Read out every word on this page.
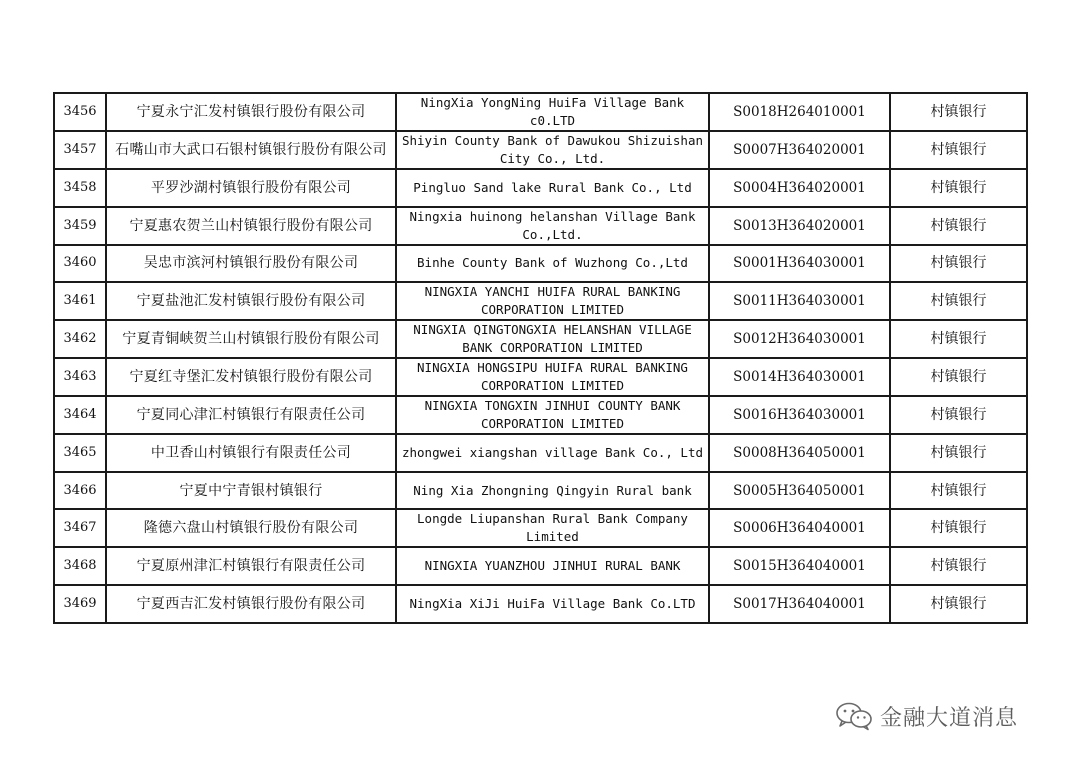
3456	宁夏永宁汇发村镇银行股份有限公司	NingXia YongNing HuiFa Village Bank c0.LTD	S0018H264010001	村镇银行
3457	石嘴山市大武口石银村镇银行股份有限公司	Shiyin County Bank of Dawukou Shizuishan City Co., Ltd.	S0007H364020001	村镇银行
3458	平罗沙湖村镇银行股份有限公司	Pingluo Sand lake Rural Bank Co., Ltd	S0004H364020001	村镇银行
3459	宁夏惠农贺兰山村镇银行股份有限公司	Ningxia huinong helanshan Village Bank Co.,Ltd.	S0013H364020001	村镇银行
3460	吴忠市滨河村镇银行股份有限公司	Binhe County Bank of Wuzhong Co.,Ltd	S0001H364030001	村镇银行
3461	宁夏盐池汇发村镇银行股份有限公司	NINGXIA YANCHI HUIFA RURAL BANKING CORPORATION LIMITED	S0011H364030001	村镇银行
3462	宁夏青铜峡贺兰山村镇银行股份有限公司	NINGXIA QINGTONGXIA HELANSHAN VILLAGE BANK CORPORATION LIMITED	S0012H364030001	村镇银行
3463	宁夏红寺堡汇发村镇银行股份有限公司	NINGXIA HONGSIPU HUIFA RURAL BANKING CORPORATION LIMITED	S0014H364030001	村镇银行
3464	宁夏同心津汇村镇银行有限责任公司	NINGXIA TONGXIN JINHUI COUNTY BANK CORPORATION LIMITED	S0016H364030001	村镇银行
3465	中卫香山村镇银行有限责任公司	zhongwei xiangshan village Bank Co., Ltd	S0008H364050001	村镇银行
3466	宁夏中宁青银村镇银行	Ning Xia Zhongning Qingyin Rural bank	S0005H364050001	村镇银行
3467	隆德六盘山村镇银行股份有限公司	Longde Liupanshan Rural Bank Company Limited	S0006H364040001	村镇银行
3468	宁夏原州津汇村镇银行有限责任公司	NINGXIA YUANZHOU JINHUI RURAL BANK	S0015H364040001	村镇银行
3469	宁夏西吉汇发村镇银行股份有限公司	NingXia XiJi HuiFa Village Bank Co.LTD	S0017H364040001	村镇银行
金融大道消息
